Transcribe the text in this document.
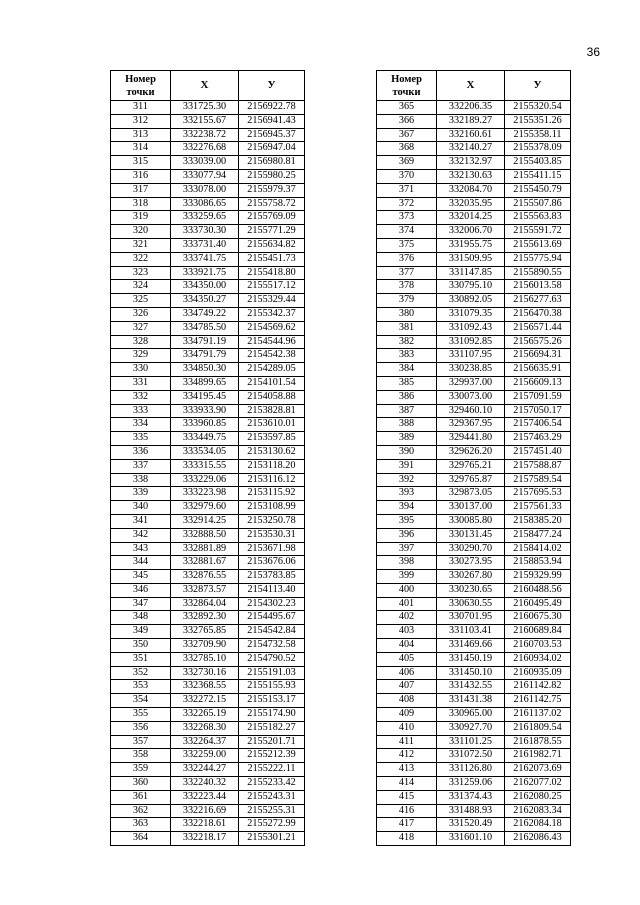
36
Номер
точки	X	У
311	331725.30	2156922.78
312	332155.67	2156941.43
313	332238.72	2156945.37
314	332276.68	2156947.04
315	333039.00	2156980.81
316	333077.94	2155980.25
317	333078.00	2155979.37
318	333086.65	2155758.72
319	333259.65	2155769.09
320	333730.30	2155771.29
321	333731.40	2155634.82
322	333741.75	2155451.73
323	333921.75	2155418.80
324	334350.00	2155517.12
325	334350.27	2155329.44
326	334749.22	2155342.37
327	334785.50	2154569.62
328	334791.19	2154544.96
329	334791.79	2154542.38
330	334850.30	2154289.05
331	334899.65	2154101.54
332	334195.45	2154058.88
333	333933.90	2153828.81
334	333960.85	2153610.01
335	333449.75	2153597.85
336	333534.05	2153130.62
337	333315.55	2153118.20
338	333229.06	2153116.12
339	333223.98	2153115.92
340	332979.60	2153108.99
341	332914.25	2153250.78
342	332888.50	2153530.31
343	332881.89	2153671.98
344	332881.67	2153676.06
345	332876.55	2153783.85
346	332873.57	2154113.40
347	332864.04	2154302.23
348	332892.30	2154495.67
349	332765.85	2154542.84
350	332709.90	2154732.58
351	332785.10	2154790.52
352	332730.16	2155191.03
353	332368.55	2155155.93
354	332272.15	2155153.17
355	332265.19	2155174.90
356	332268.30	2155182.27
357	332264.37	2155201.71
358	332259.00	2155212.39
359	332244.27	2155222.11
360	332240.32	2155233.42
361	332223.44	2155243.31
362	332216.69	2155255.31
363	332218.61	2155272.99
364	332218.17	2155301.21
Номер
точки	X	У
365	332206.35	2155320.54
366	332189.27	2155351.26
367	332160.61	2155358.11
368	332140.27	2155378.09
369	332132.97	2155403.85
370	332130.63	2155411.15
371	332084.70	2155450.79
372	332035.95	2155507.86
373	332014.25	2155563.83
374	332006.70	2155591.72
375	331955.75	2155613.69
376	331509.95	2155775.94
377	331147.85	2155890.55
378	330795.10	2156013.58
379	330892.05	2156277.63
380	331079.35	2156470.38
381	331092.43	2156571.44
382	331092.85	2156575.26
383	331107.95	2156694.31
384	330238.85	2156635.91
385	329937.00	2156609.13
386	330073.00	2157091.59
387	329460.10	2157050.17
388	329367.95	2157406.54
389	329441.80	2157463.29
390	329626.20	2157451.40
391	329765.21	2157588.87
392	329765.87	2157589.54
393	329873.05	2157695.53
394	330137.00	2157561.33
395	330085.80	2158385.20
396	330131.45	2158477.24
397	330290.70	2158414.02
398	330273.95	2158853.94
399	330267.80	2159329.99
400	330230.65	2160488.56
401	330630.55	2160495.49
402	330701.95	2160675.30
403	331103.41	2160689.84
404	331469.66	2160703.53
405	331450.19	2160934.02
406	331450.10	2160935.09
407	331432.55	2161142.82
408	331431.38	2161142.75
409	330965.00	2161137.02
410	330927.70	2161809.54
411	331101.25	2161878.55
412	331072.50	2161982.71
413	331126.80	2162073.69
414	331259.06	2162077.02
415	331374.43	2162080.25
416	331488.93	2162083.34
417	331520.49	2162084.18
418	331601.10	2162086.43
